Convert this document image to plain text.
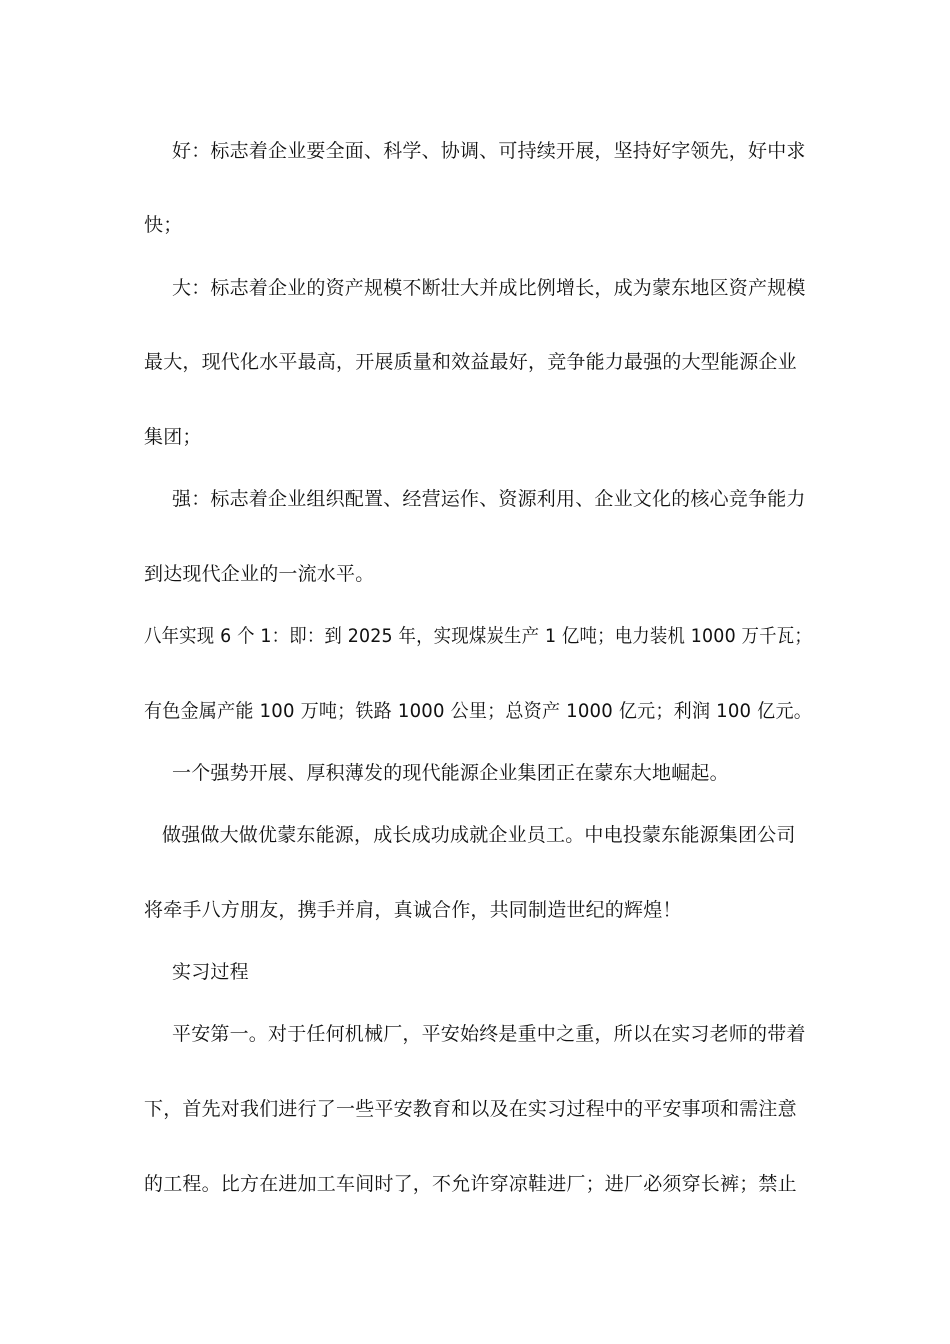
好：标志着企业要全面、科学、协调、可持续开展，坚持好字领先，好中求
快；
大：标志着企业的资产规模不断壮大并成比例增长，成为蒙东地区资产规模
最大，现代化水平最高，开展质量和效益最好，竞争能力最强的大型能源企业
集团；
强：标志着企业组织配置、经营运作、资源利用、企业文化的核心竞争能力
到达现代企业的一流水平。
八年实现 6 个 1：即：到 2025 年，实现煤炭生产 1 亿吨；电力装机 1000 万千瓦；
有色金属产能 100 万吨；铁路 1000 公里；总资产 1000 亿元；利润 100 亿元。
一个强势开展、厚积薄发的现代能源企业集团正在蒙东大地崛起。
做强做大做优蒙东能源，成长成功成就企业员工。中电投蒙东能源集团公司
将牵手八方朋友，携手并肩，真诚合作，共同制造世纪的辉煌！
实习过程
平安第一。对于任何机械厂，平安始终是重中之重，所以在实习老师的带着
下，首先对我们进行了一些平安教育和以及在实习过程中的平安事项和需注意
的工程。比方在进加工车间时了，不允许穿凉鞋进厂；进厂必须穿长裤；禁止
